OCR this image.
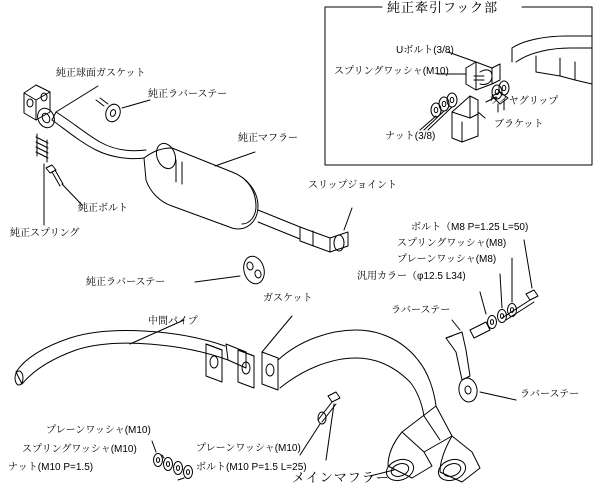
純正牽引フック部
Uボルト(3/8)
スプリングワッシャ(M10)
ワイヤグリップ
ブラケット
ナット(3/8)
純正球面ガスケット
純正ラバーステー
純正マフラー
純正ボルト
純正スプリング
純正ラバーステー
スリップジョイント
ボルト（M8 P=1.25 L=50)
スプリングワッシャ(M8)
プレーンワッシャ(M8)
汎用カラー（φ12.5 L34)
ラバーステー
ラバーステー
ガスケット
中間パイプ
プレーンワッシャ(M10)
スプリングワッシャ(M10)
ナット(M10 P=1.5)
プレーンワッシャ(M10)
ボルト(M10 P=1.5 L=25)
メインマフラー
